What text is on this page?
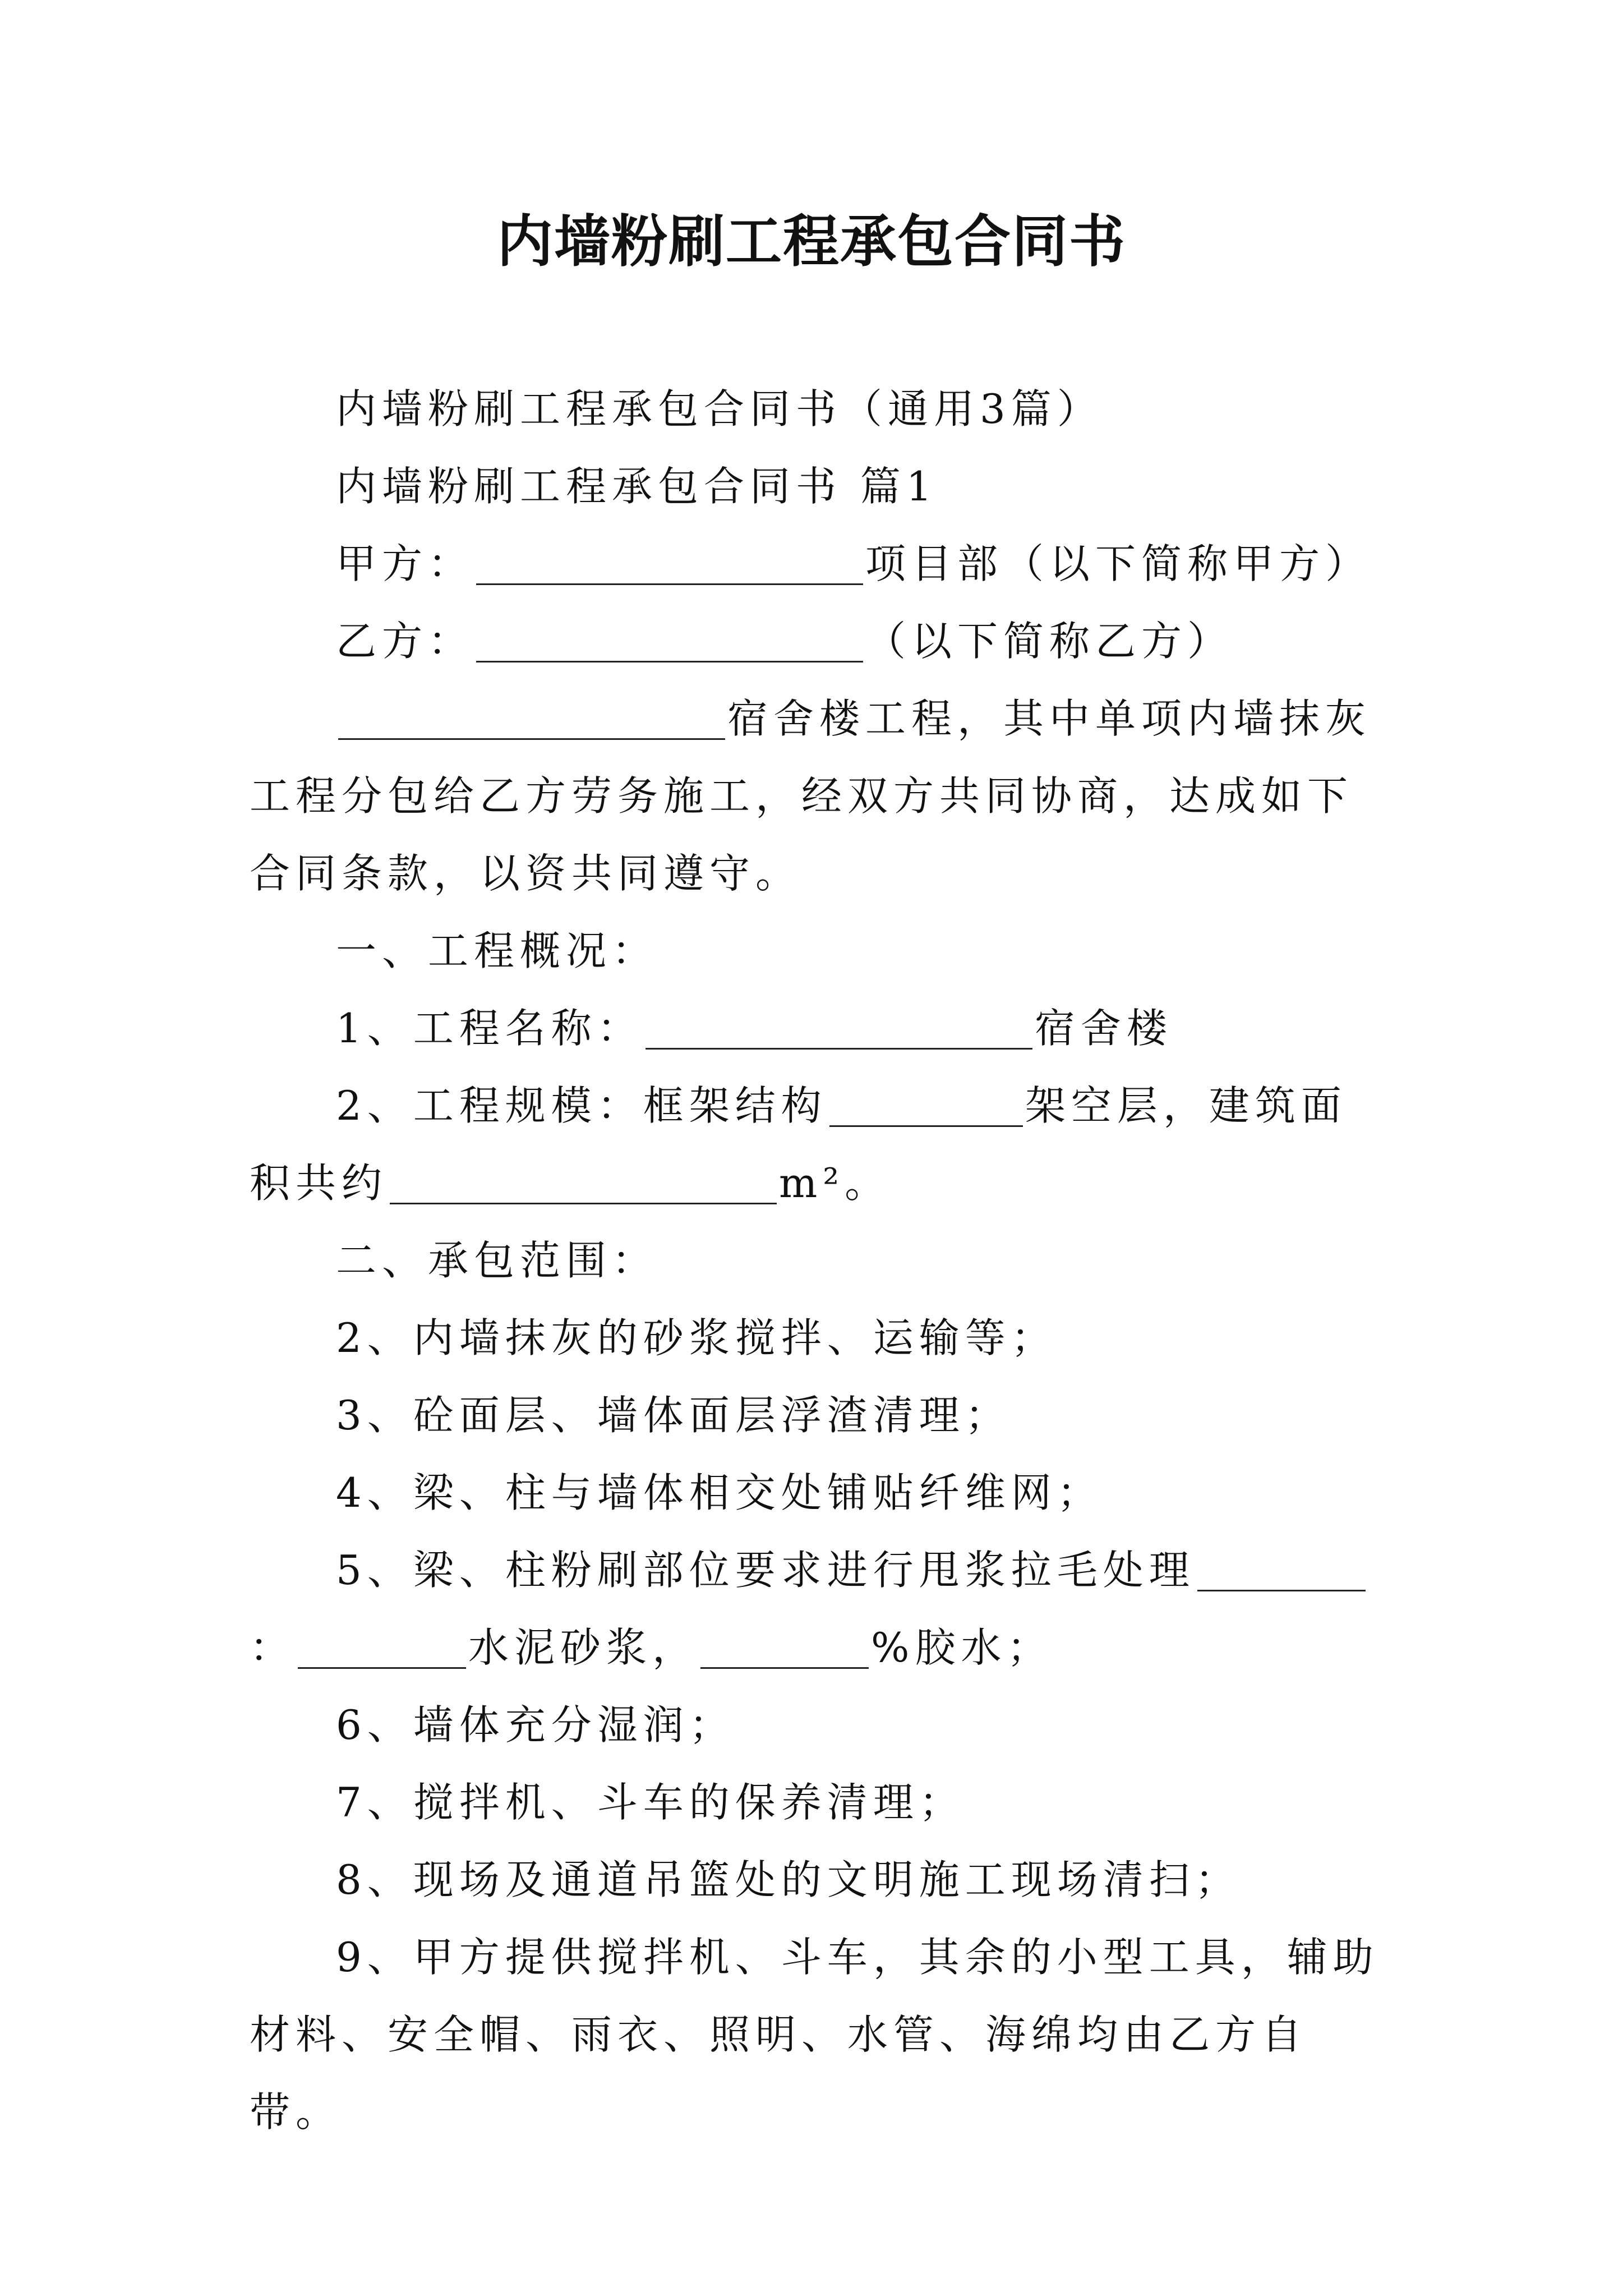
内墙粉刷工程承包合同书

内墙粉刷工程承包合同书（通用3篇）

内墙粉刷工程承包合同书 篇1

甲方：	项目部（以下简称甲方）

乙方：	（以下简称乙方）

宿舍楼工程，其中单项内墙抹灰工程分包给乙方劳务施工，经双方共同协商，达成如下合同条款，以资共同遵守。

一、工程概况：

1、工程名称：	宿舍楼

2、工程规模：框架结构	架空层，建筑面积共约	m²。

二、承包范围：

2、内墙抹灰的砂浆搅拌、运输等；

3、砼面层、墙体面层浮渣清理；

4、梁、柱与墙体相交处铺贴纤维网；

5、梁、柱粉刷部位要求进行甩浆拉毛处理：	水泥砂浆，	%胶水；

6、墙体充分湿润；

7、搅拌机、斗车的保养清理；

8、现场及通道吊篮处的文明施工现场清扫；

9、甲方提供搅拌机、斗车，其余的小型工具，辅助材料、安全帽、雨衣、照明、水管、海绵均由乙方自带。
